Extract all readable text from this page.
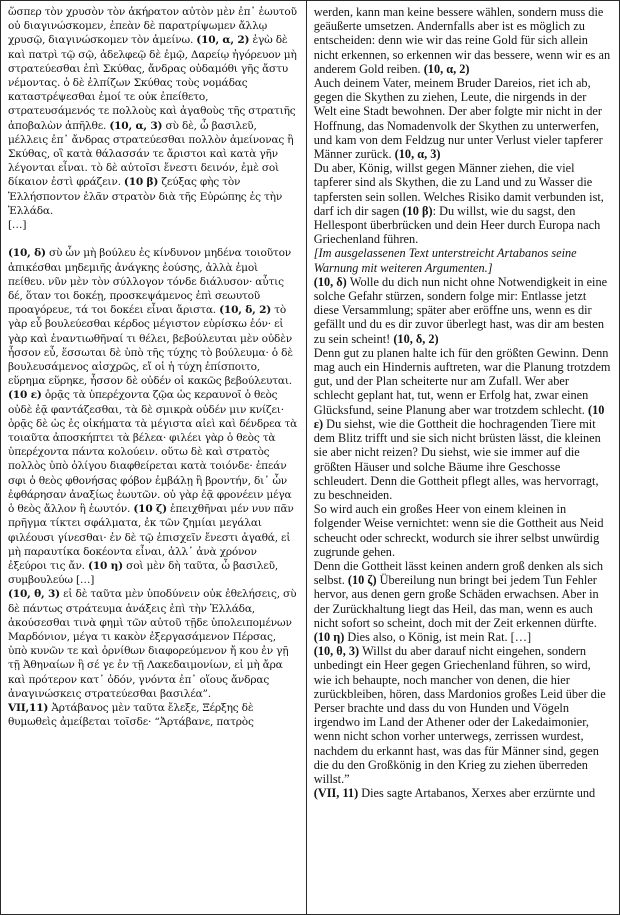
ὥσπερ τὸν χρυσὸν τὸν ἀκήρατον αὐτὸν μὲν ἐπ᾽ ἑωυτοῦ οὐ διαγινώσκομεν, ἐπεὰν δὲ παρατρίψωμεν ἄλλῳ χρυσῷ, διαγινώσκομεν τὸν ἀμείνω. (10, α, 2) ἐγὼ δὲ καὶ πατρὶ τῷ σῷ, ἀδελφεῷ δὲ ἐμῷ, Δαρείῳ ἠγόρευον μὴ στρατεύεσθαι ἐπὶ Σκύθας, ἄνδρας οὐδαμόθι γῆς ἄστυ νέμοντας. ὁ δὲ ἐλπίζων Σκύθας τοὺς νομάδας καταστρέψεσθαι ἐμοί τε οὐκ ἐπείθετο, στρατευσάμενός τε πολλοὺς καὶ ἀγαθοὺς τῆς στρατιῆς ἀποβαλὼν ἀπῆλθε. (10, α, 3) σὺ δὲ, ὦ βασιλεῦ, μέλλεις ἐπ᾽ ἄνδρας στρατεύεσθαι πολλὸν ἀμείνονας ἢ Σκύθας, οἳ κατὰ θάλασσάν τε ἄριστοι καὶ κατὰ γῆν λέγονται εἶναι. τὸ δὲ αὐτοῖσι ἔνεστι δεινόν, ἐμὲ σοὶ δίκαιον ἐστὶ φράζειν. (10 β) ζεύξας φὴς τὸν Ἑλλήσποντον ἐλᾶν στρατὸν διὰ τῆς Εὐρώπης ἐς τὴν Ἑλλάδα.

[…]

(10, δ) σὺ ὦν μὴ βούλευ ἐς κίνδυνον μηδένα τοιοῦτον ἀπικέσθαι μηδεμιῆς ἀνάγκης ἐούσης, ἀλλὰ ἐμοὶ πείθευ. νῦν μὲν τὸν σύλλογον τόνδε διάλυσον· αὖτις δέ, ὅταν τοι δοκέῃ, προσκεψάμενος ἐπὶ σεωυτοῦ προαγόρευε, τά τοι δοκέει εἶναι ἄριστα. (10, δ, 2) τὸ γὰρ εὖ βουλεύεσθαι κέρδος μέγιστον εὑρίσκω ἐόν· εἰ γὰρ καὶ ἐναντιωθῆναί τι θέλει, βεβούλευται μὲν οὐδὲν ἧσσον εὖ, ἕσσωται δὲ ὑπὸ τῆς τύχης τὸ βούλευμα· ὁ δὲ βουλευσάμενος αἰσχρῶς, εἴ οἱ ἡ τύχη ἐπίσποιτο, εὕρημα εὕρηκε, ἧσσον δὲ οὐδέν οἱ κακῶς βεβούλευται. (10 ε) ὁρᾷς τὰ ὑπερέχοντα ζῷα ὡς κεραυνοῖ ὁ θεὸς οὐδὲ ἐᾷ φαντάζεσθαι, τὰ δὲ σμικρὰ οὐδέν μιν κνίζει· ὁρᾷς δὲ ὡς ἐς οἰκήματα τὰ μέγιστα αἰεὶ καὶ δένδρεα τὰ τοιαῦτα ἀποσκήπτει τὰ βέλεα· φιλέει γὰρ ὁ θεὸς τὰ ὑπερέχοντα πάντα κολούειν. οὕτω δὲ καὶ στρατὸς πολλὸς ὑπὸ ὀλίγου διαφθείρεται κατὰ τοιόνδε· ἐπεάν σφι ὁ θεὸς φθονήσας φόβον ἐμβάλῃ ἢ βροντήν, δι᾽ ὧν ἐφθάρησαν ἀναξίως ἑωυτῶν. οὐ γὰρ ἐᾷ φρονέειν μέγα ὁ θεὸς ἄλλον ἢ ἑωυτόν. (10 ζ) ἐπειχθῆναι μέν νυν πᾶν πρῆγμα τίκτει σφάλματα, ἐκ τῶν ζημίαι μεγάλαι φιλέουσι γίνεσθαι· ἐν δὲ τῷ ἐπισχεῖν ἔνεστι ἀγαθά, εἰ μὴ παραυτίκα δοκέοντα εἶναι, ἀλλ᾽ ἀνὰ χρόνον ἐξεύροι τις ἄν. (10 η) σοὶ μὲν δὴ ταῦτα, ὦ βασιλεῦ, συμβουλεύω […]

(10, θ, 3) εἰ δὲ ταῦτα μὲν ὑποδύνειν οὐκ ἐθελήσεις, σὺ δὲ πάντως στράτευμα ἀνάξεις ἐπὶ τὴν Ἑλλάδα, ἀκούσεσθαι τινὰ φημὶ τῶν αὐτοῦ τῇδε ὑπολειπομένων Μαρδόνιον, μέγα τι κακὸν ἐξεργασάμενον Πέρσας, ὑπὸ κυνῶν τε καὶ ὀρνίθων διαφορεύμενον ἤ κου ἐν γῇ τῇ Ἀθηναίων ἢ σέ γε ἐν τῇ Λακεδαιμονίων, εἰ μὴ ἄρα καὶ πρότερον κατ᾽ ὁδόν, γνόντα ἐπ᾽ οἵους ἄνδρας ἀναγινώσκεις στρατεύεσθαι βασιλέα”.

VII,11) Ἀρτάβανος μὲν ταῦτα ἔλεξε, Ξέρξης δὲ θυμωθεὶς ἀμείβεται τοῖσδε· “Ἀρτάβανε, πατρὸς

werden, kann man keine bessere wählen, sondern muss die geäußerte umsetzen. Andernfalls aber ist es möglich zu entscheiden: denn wie wir das reine Gold für sich allein nicht erkennen, so erkennen wir das bessere, wenn wir es an anderem Gold reiben. (10, α, 2)

Auch deinem Vater, meinem Bruder Dareios, riet ich ab, gegen die Skythen zu ziehen, Leute, die nirgends in der Welt eine Stadt bewohnen. Der aber folgte mir nicht in der Hoffnung, das Nomadenvolk der Skythen zu unterwerfen, und kam von dem Feldzug nur unter Verlust vieler tapferer Männer zurück. (10, α, 3)

Du aber, König, willst gegen Männer ziehen, die viel tapferer sind als Skythen, die zu Land und zu Wasser die tapfersten sein sollen. Welches Risiko damit verbunden ist, darf ich dir sagen (10 β): Du willst, wie du sagst, den Hellespont überbrücken und dein Heer durch Europa nach Griechenland führen.

[Im ausgelassenen Text unterstreicht Artabanos seine Warnung mit weiteren Argumenten.]

(10, δ) Wolle du dich nun nicht ohne Notwendigkeit in eine solche Gefahr stürzen, sondern folge mir: Entlasse jetzt diese Versammlung; später aber eröffne uns, wenn es dir gefällt und du es dir zuvor überlegt hast, was dir am besten zu sein scheint! (10, δ, 2)

Denn gut zu planen halte ich für den größten Gewinn. Denn mag auch ein Hindernis auftreten, war die Planung trotzdem gut, und der Plan scheiterte nur am Zufall. Wer aber schlecht geplant hat, tut, wenn er Erfolg hat, zwar einen Glücksfund, seine Planung aber war trotzdem schlecht. (10 ε) Du siehst, wie die Gottheit die hochragenden Tiere mit dem Blitz trifft und sie sich nicht brüsten lässt, die kleinen sie aber nicht reizen? Du siehst, wie sie immer auf die größten Häuser und solche Bäume ihre Geschosse schleudert. Denn die Gottheit pflegt alles, was hervorragt, zu beschneiden.

So wird auch ein großes Heer von einem kleinen in folgender Weise vernichtet: wenn sie die Gottheit aus Neid scheucht oder schreckt, wodurch sie ihrer selbst unwürdig zugrunde gehen.

Denn die Gottheit lässt keinen andern groß denken als sich selbst. (10 ζ) Übereilung nun bringt bei jedem Tun Fehler hervor, aus denen gern große Schäden erwachsen. Aber in der Zurückhaltung liegt das Heil, das man, wenn es auch nicht sofort so scheint, doch mit der Zeit erkennen dürfte. (10 η) Dies also, o König, ist mein Rat. […]

(10, θ, 3) Willst du aber darauf nicht eingehen, sondern unbedingt ein Heer gegen Griechenland führen, so wird, wie ich behaupte, noch mancher von denen, die hier zurückbleiben, hören, dass Mardonios großes Leid über die Perser brachte und dass du von Hunden und Vögeln irgendwo im Land der Athener oder der Lakedaimonier, wenn nicht schon vorher unterwegs, zerrissen wurdest, nachdem du erkannt hast, was das für Männer sind, gegen die du den Großkönig in den Krieg zu ziehen überreden willst.”

(VII, 11) Dies sagte Artabanos, Xerxes aber erzürnte und
